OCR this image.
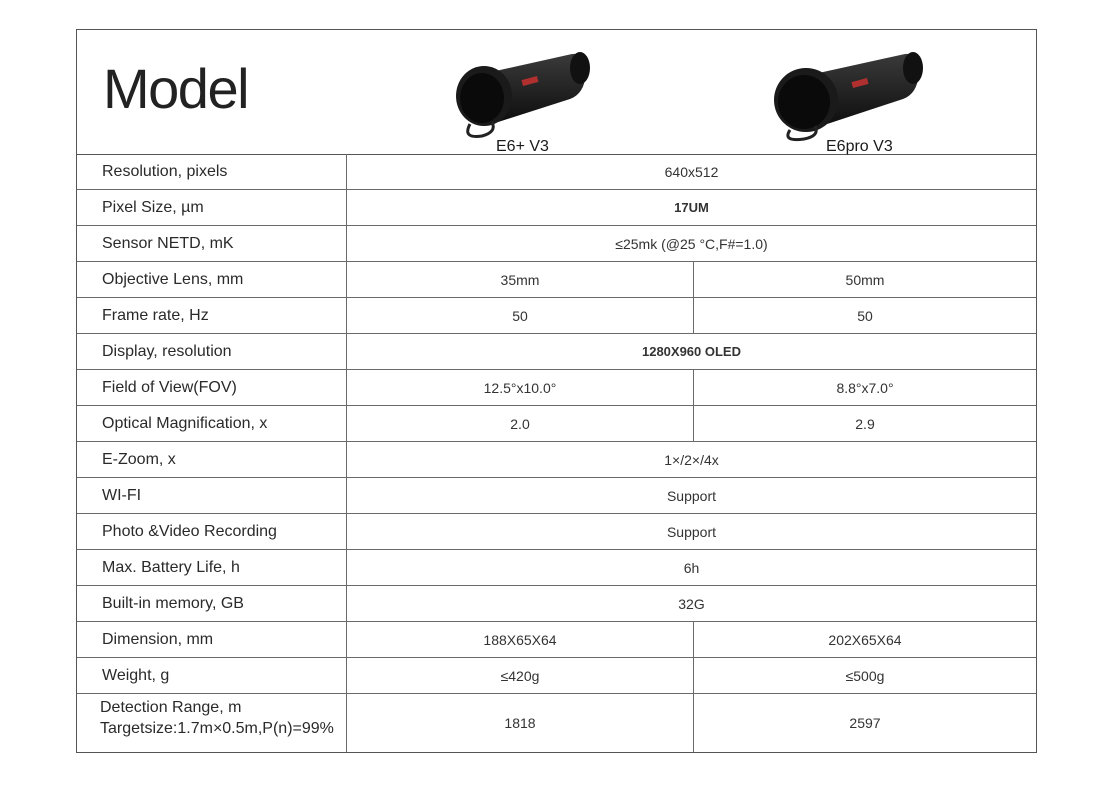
Model
E6+ V3	E6pro V3
Resolution, pixels	640x512
Pixel Size, µm	17UM
Sensor NETD, mK	≤25mk (@25 °C,F#=1.0)
Objective Lens, mm	35mm	50mm
Frame rate, Hz	50	50
Display, resolution	1280X960 OLED
Field of View(FOV)	12.5°x10.0°	8.8°x7.0°
Optical Magnification, x	2.0	2.9
E-Zoom, x	1×/2×/4x
WI-FI	Support
Photo &Video Recording	Support
Max. Battery Life, h	6h
Built-in memory, GB	32G
Dimension, mm	188X65X64	202X65X64
Weight, g	≤420g	≤500g
Detection Range, m
Targetsize:1.7m×0.5m,P(n)=99%	1818	2597
